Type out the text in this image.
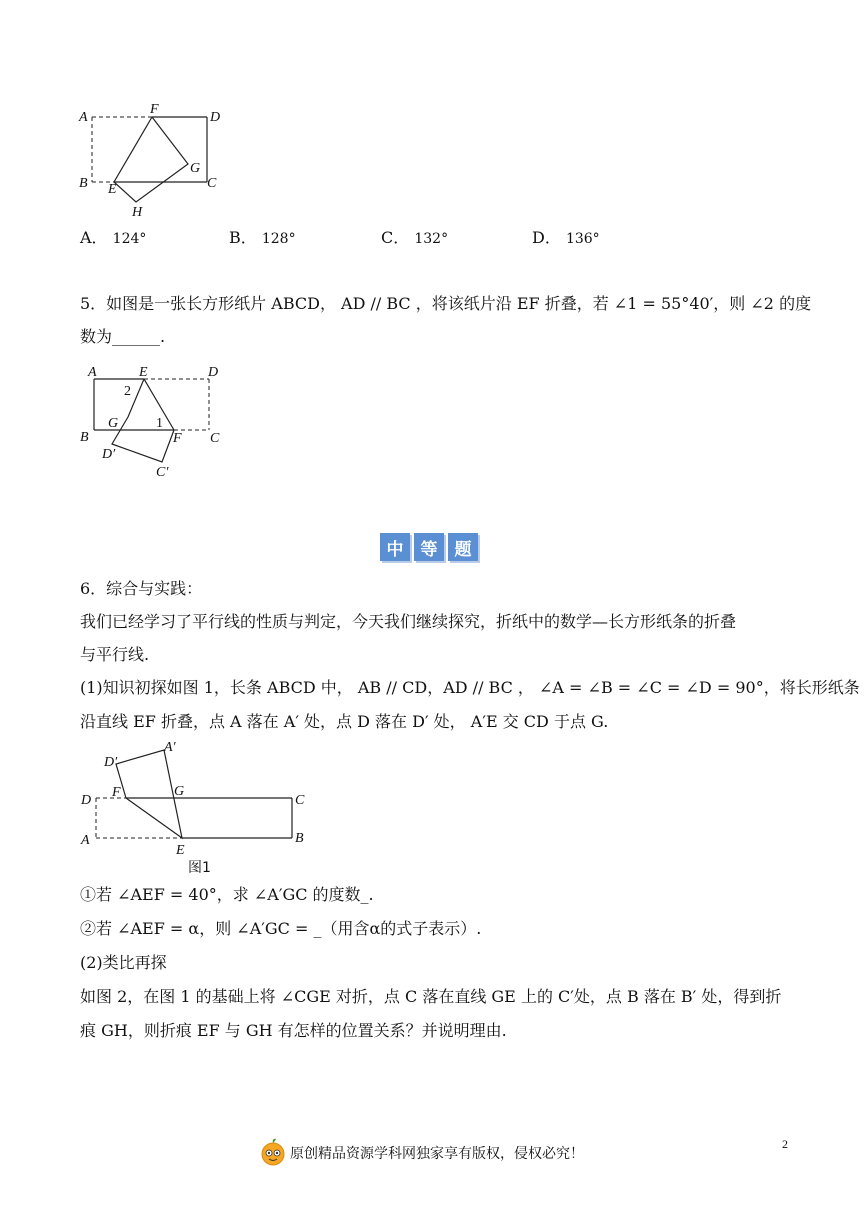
A
F
D
G
B E	C
H
A． 124°	B． 128°	C． 132°	D． 136°
5．如图是一张长方形纸片 ABCD， AD // BC ，将该纸片沿 EF 折叠，若 ∠1 = 55°40′，则 ∠2 的度
数为______.
A	E	D
2
G	1
B	F C
D′
C′
中	等	题
6．综合与实践：
我们已经学习了平行线的性质与判定，今天我们继续探究，折纸中的数学—长方形纸条的折叠
与平行线.
(1)知识初探如图 1，长条 ABCD 中， AB // CD，AD // BC ， ∠A = ∠B = ∠C = ∠D = 90°，将长形纸条
沿直线 EF 折叠，点 A 落在 A′ 处，点 D 落在 D′ 处， A′E 交 CD 于点 G.
D′
A′
D
F	G
C
A
E
B
图1
①若 ∠AEF = 40°，求 ∠A′GC 的度数_.
②若 ∠AEF = α，则 ∠A′GC = _（用含α的式子表示）.
(2)类比再探
如图 2，在图 1 的基础上将 ∠CGE 对折，点 C 落在直线 GE 上的 C′处，点 B 落在 B′ 处，得到折
痕 GH，则折痕 EF 与 GH 有怎样的位置关系？并说明理由.
原创精品资源学科网独家享有版权，侵权必究！
2
